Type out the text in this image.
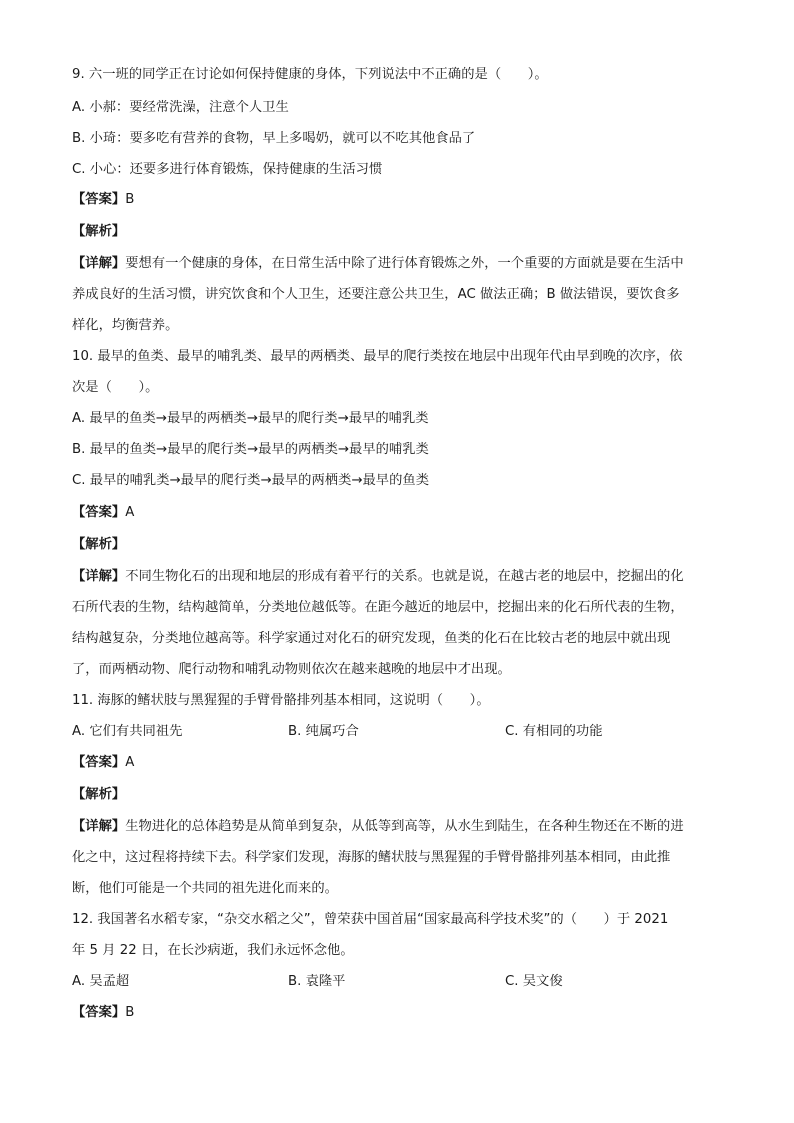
9. 六一班的同学正在讨论如何保持健康的身体，下列说法中不正确的是（　　）。
A. 小郝：要经常洗澡，注意个人卫生
B. 小琦：要多吃有营养的食物，早上多喝奶，就可以不吃其他食品了
C. 小心：还要多进行体育锻炼，保持健康的生活习惯
【答案】B
【解析】
【详解】要想有一个健康的身体，在日常生活中除了进行体育锻炼之外，一个重要的方面就是要在生活中
养成良好的生活习惯，讲究饮食和个人卫生，还要注意公共卫生，AC 做法正确；B 做法错误，要饮食多
样化，均衡营养。
10. 最早的鱼类、最早的哺乳类、最早的两栖类、最早的爬行类按在地层中出现年代由早到晚的次序，依
次是（　　）。
A. 最早的鱼类→最早的两栖类→最早的爬行类→最早的哺乳类
B. 最早的鱼类→最早的爬行类→最早的两栖类→最早的哺乳类
C. 最早的哺乳类→最早的爬行类→最早的两栖类→最早的鱼类
【答案】A
【解析】
【详解】不同生物化石的出现和地层的形成有着平行的关系。也就是说，在越古老的地层中，挖掘出的化
石所代表的生物，结构越简单，分类地位越低等。在距今越近的地层中，挖掘出来的化石所代表的生物，
结构越复杂，分类地位越高等。科学家通过对化石的研究发现，鱼类的化石在比较古老的地层中就出现
了，而两栖动物、爬行动物和哺乳动物则依次在越来越晚的地层中才出现。
11. 海豚的鳍状肢与黑猩猩的手臂骨骼排列基本相同，这说明（　　）。
A. 它们有共同祖先	B. 纯属巧合	C. 有相同的功能
【答案】A
【解析】
【详解】生物进化的总体趋势是从简单到复杂，从低等到高等，从水生到陆生，在各种生物还在不断的进
化之中，这过程将持续下去。科学家们发现，海豚的鳍状肢与黑猩猩的手臂骨骼排列基本相同，由此推
断，他们可能是一个共同的祖先进化而来的。
12. 我国著名水稻专家，“杂交水稻之父”，曾荣获中国首届“国家最高科学技术奖”的（　　）于 2021
年 5 月 22 日，在长沙病逝，我们永远怀念他。
A. 吴孟超	B. 袁隆平	C. 吴文俊
【答案】B
